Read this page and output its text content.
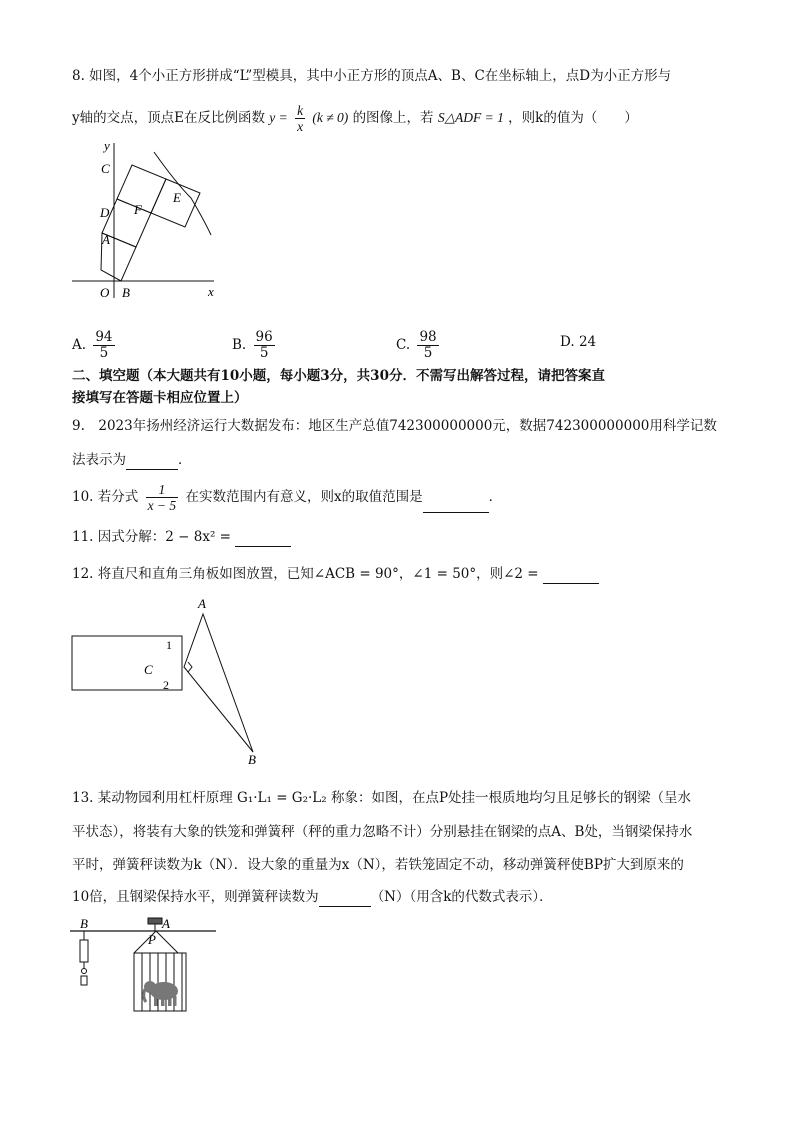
8. 如图，4个小正方形拼成“L”型模具，其中小正方形的顶点A、B、C在坐标轴上，点D为小正方形与
y轴的交点，顶点E在反比例函数 $y = \frac{k}{x} (k \ne 0)$ 的图像上，若 S△ADF = 1 ，则k的值为（　　）
y
x
C
D F
A
E
O B
A. $\frac{94}{5}$	B. $\frac{96}{5}$	C. $\frac{98}{5}$	D. 24
二、填空题（本大题共有10小题，每小题3分，共30分．不需写出解答过程，请把答案直
接填写在答题卡相应位置上）
9.　2023年扬州经济运行大数据发布：地区生产总值742300000000元，数据742300000000用科学记数
法表示为	．
10. 若分式 $\frac{1}{x - 5}$ 在实数范围内有意义，则x的取值范围是	．
11. 因式分解：2 − 8x² =
12. 将直尺和直角三角板如图放置，已知∠ACB = 90°，∠1 = 50°，则∠2 =
A
B
C
1
2
13. 某动物园利用杠杆原理 G₁·L₁ = G₂·L₂ 称象：如图，在点P处挂一根质地均匀且足够长的钢梁（呈水
平状态），将装有大象的铁笼和弹簧秤（秤的重力忽略不计）分别悬挂在钢梁的点A、B处，当钢梁保持水
平时，弹簧秤读数为k（N）．设大象的重量为x（N），若铁笼固定不动，移动弹簧秤使BP扩大到原来的
10倍，且钢梁保持水平，则弹簧秤读数为	（N）（用含k的代数式表示）．
B	A
P
